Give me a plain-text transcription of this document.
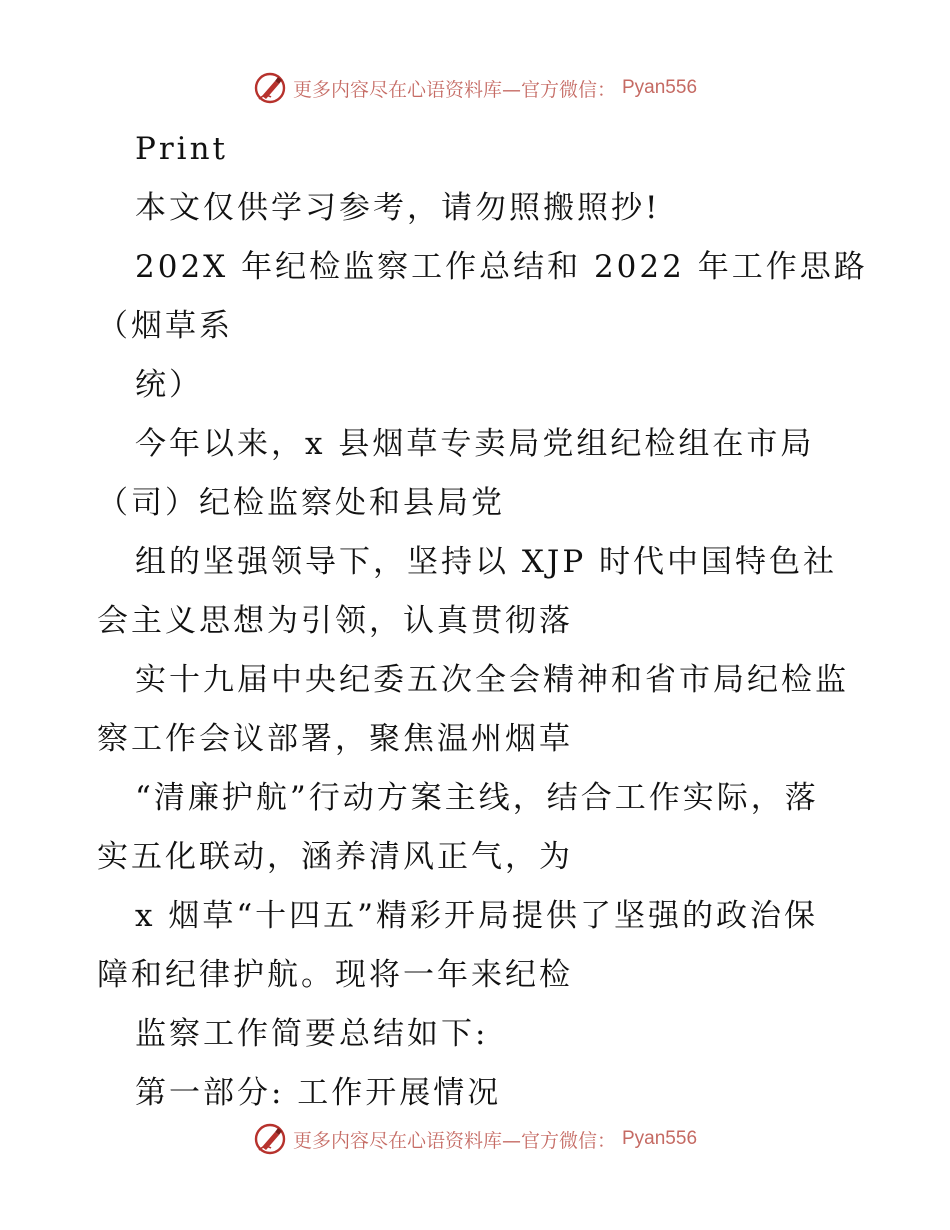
更多内容尽在心语资料库—官方微信： Pyan556
Print
本文仅供学习参考，请勿照搬照抄!
202X 年纪检监察工作总结和 2022 年工作思路
（烟草系
统）
今年以来，x 县烟草专卖局党组纪检组在市局
（司）纪检监察处和县局党
组的坚强领导下，坚持以 XJP 时代中国特色社
会主义思想为引领，认真贯彻落
实十九届中央纪委五次全会精神和省市局纪检监
察工作会议部署，聚焦温州烟草
“清廉护航”行动方案主线，结合工作实际，落
实五化联动，涵养清风正气，为
x 烟草“十四五”精彩开局提供了坚强的政治保
障和纪律护航。现将一年来纪检
监察工作简要总结如下:
第一部分: 工作开展情况
更多内容尽在心语资料库—官方微信： Pyan556
